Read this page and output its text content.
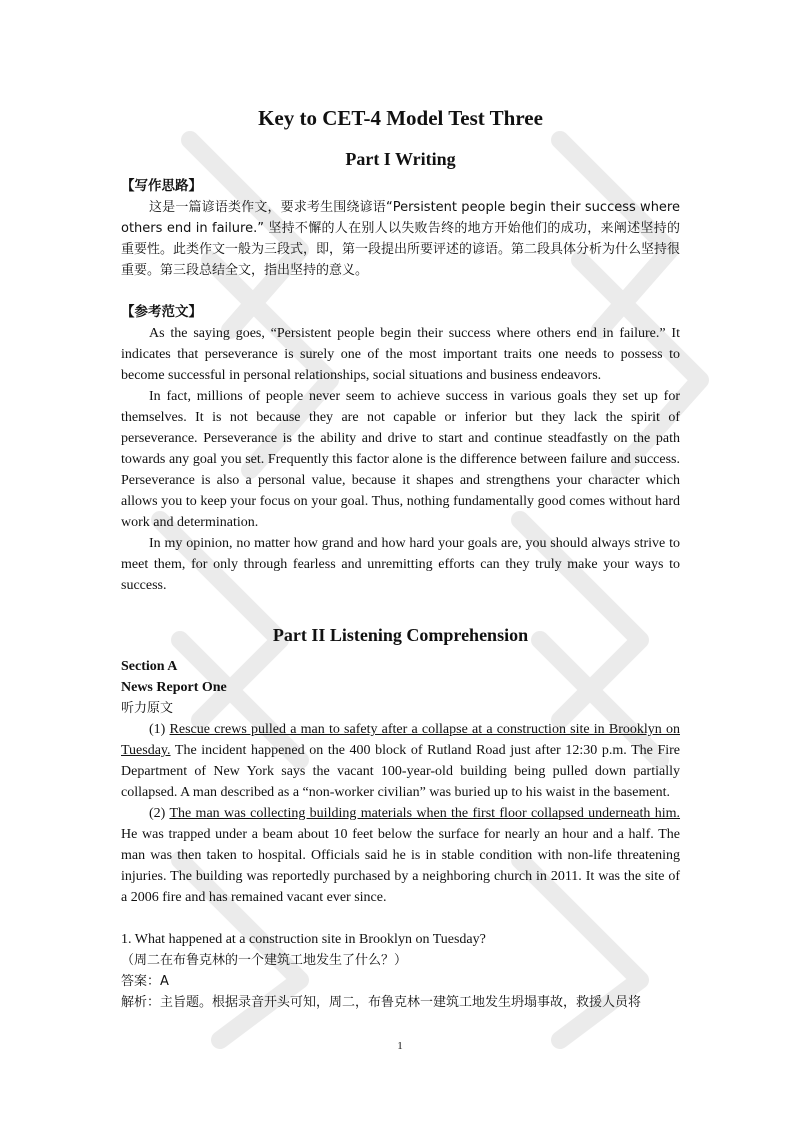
Key to CET-4 Model Test Three
Part I Writing
【写作思路】

这是一篇谚语类作文，要求考生围绕谚语“Persistent people begin their success where others end in failure.” 坚持不懈的人在别人以失败告终的地方开始他们的成功，来阐述坚持的重要性。此类作文一般为三段式，即，第一段提出所要评述的谚语。第二段具体分析为什么坚持很重要。第三段总结全文，指出坚持的意义。

【参考范文】

As the saying goes, “Persistent people begin their success where others end in failure.” It indicates that perseverance is surely one of the most important traits one needs to possess to become successful in personal relationships, social situations and business endeavors.

In fact, millions of people never seem to achieve success in various goals they set up for themselves. It is not because they are not capable or inferior but they lack the spirit of perseverance. Perseverance is the ability and drive to start and continue steadfastly on the path towards any goal you set. Frequently this factor alone is the difference between failure and success. Perseverance is also a personal value, because it shapes and strengthens your character which allows you to keep your focus on your goal. Thus, nothing fundamentally good comes without hard work and determination.

In my opinion, no matter how grand and how hard your goals are, you should always strive to meet them, for only through fearless and unremitting efforts can they truly make your ways to success.

Part II Listening Comprehension

Section A

News Report One

听力原文

(1) Rescue crews pulled a man to safety after a collapse at a construction site in Brooklyn on Tuesday. The incident happened on the 400 block of Rutland Road just after 12:30 p.m. The Fire Department of New York says the vacant 100-year-old building being pulled down partially collapsed. A man described as a “non-worker civilian” was buried up to his waist in the basement.

(2) The man was collecting building materials when the first floor collapsed underneath him. He was trapped under a beam about 10 feet below the surface for nearly an hour and a half. The man was then taken to hospital. Officials said he is in stable condition with non-life threatening injuries. The building was reportedly purchased by a neighboring church in 2011. It was the site of a 2006 fire and has remained vacant ever since.

1. What happened at a construction site in Brooklyn on Tuesday?

（周二在布鲁克林的一个建筑工地发生了什么？）

答案：A

解析：主旨题。根据录音开头可知，周二，布鲁克林一建筑工地发生坍塌事故，救援人员将

1
